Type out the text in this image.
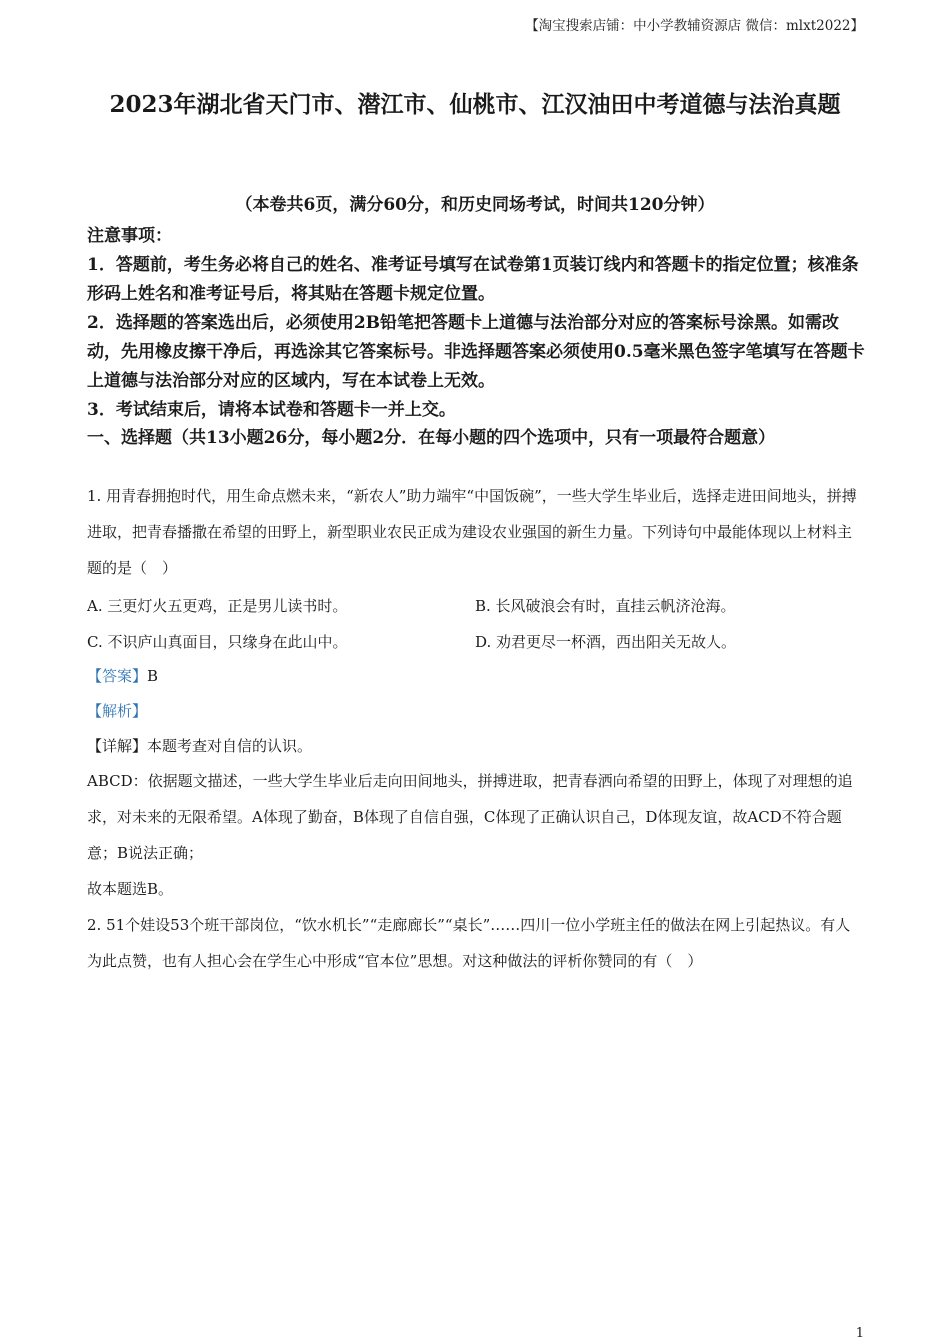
【淘宝搜索店铺：中小学教辅资源店 微信：mlxt2022】
2023年湖北省天门市、潜江市、仙桃市、江汉油田中考道德与法治真题
（本卷共6页，满分60分，和历史同场考试，时间共120分钟）

注意事项：

1．答题前，考生务必将自己的姓名、准考证号填写在试卷第1页装订线内和答题卡的指定位置；核准条形码上姓名和准考证号后，将其贴在答题卡规定位置。

2．选择题的答案选出后，必须使用2B铅笔把答题卡上道德与法治部分对应的答案标号涂黑。如需改动，先用橡皮擦干净后，再选涂其它答案标号。非选择题答案必须使用0.5毫米黑色签字笔填写在答题卡上道德与法治部分对应的区域内，写在本试卷上无效。

3．考试结束后，请将本试卷和答题卡一并上交。

一、选择题（共13小题26分，每小题2分．在每小题的四个选项中，只有一项最符合题意）

1. 用青春拥抱时代，用生命点燃未来，“新农人”助力端牢“中国饭碗”，一些大学生毕业后，选择走进田间地头，拼搏进取，把青春播撒在希望的田野上，新型职业农民正成为建设农业强国的新生力量。下列诗句中最能体现以上材料主题的是（　）

A. 三更灯火五更鸡，正是男儿读书时。	B. 长风破浪会有时，直挂云帆济沧海。
C. 不识庐山真面目，只缘身在此山中。	D. 劝君更尽一杯酒，西出阳关无故人。

【答案】B

【解析】

【详解】本题考查对自信的认识。

ABCD：依据题文描述，一些大学生毕业后走向田间地头，拼搏进取，把青春洒向希望的田野上，体现了对理想的追求，对未来的无限希望。A体现了勤奋，B体现了自信自强，C体现了正确认识自己，D体现友谊，故ACD不符合题意；B说法正确；

故本题选B。

2. 51个娃设53个班干部岗位，“饮水机长”“走廊廊长”“桌长”……四川一位小学班主任的做法在网上引起热议。有人为此点赞，也有人担心会在学生心中形成“官本位”思想。对这种做法的评析你赞同的有（　）

1
